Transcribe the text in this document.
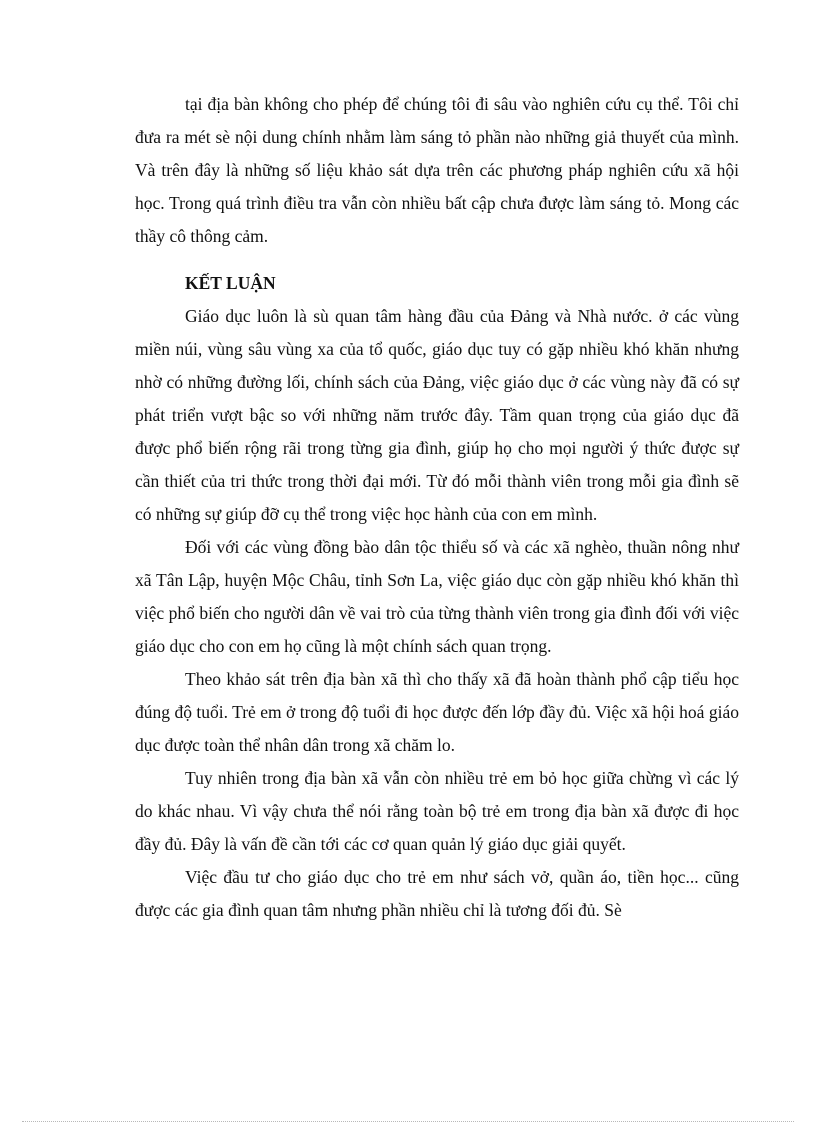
tại địa bàn không cho phép để chúng tôi đi sâu vào nghiên cứu cụ thể. Tôi chỉ đưa ra mét sè nội dung chính nhằm làm sáng tỏ phần nào những giả thuyết của mình. Và trên đây là những số liệu khảo sát dựa trên các phương pháp nghiên cứu xã hội học. Trong quá trình điều tra vẫn còn nhiều bất cập chưa được làm sáng tỏ. Mong các thầy cô thông cảm.

KẾT LUẬN

Giáo dục luôn là sù quan tâm hàng đầu của Đảng và Nhà nước. ở các vùng miền núi, vùng sâu vùng xa của tổ quốc, giáo dục tuy có gặp nhiều khó khăn nhưng nhờ có những đường lối, chính sách của Đảng, việc giáo dục ở các vùng này đã có sự phát triển vượt bậc so với những năm trước đây. Tầm quan trọng của giáo dục đã được phổ biến rộng rãi trong từng gia đình, giúp họ cho mọi người ý thức được sự cần thiết của tri thức trong thời đại mới. Từ đó mỗi thành viên trong mỗi gia đình sẽ có những sự giúp đỡ cụ thể trong việc học hành của con em mình.

Đối với các vùng đồng bào dân tộc thiểu số và các xã nghèo, thuần nông như xã Tân Lập, huyện Mộc Châu, tỉnh Sơn La, việc giáo dục còn gặp nhiều khó khăn thì việc phổ biến cho người dân về vai trò của từng thành viên trong gia đình đối với việc giáo dục cho con em họ cũng là một chính sách quan trọng.

Theo khảo sát trên địa bàn xã thì cho thấy xã đã hoàn thành phổ cập tiểu học đúng độ tuổi. Trẻ em ở trong độ tuổi đi học được đến lớp đầy đủ. Việc xã hội hoá giáo dục được toàn thể nhân dân trong xã chăm lo.

Tuy nhiên trong địa bàn xã vẫn còn nhiều trẻ em bỏ học giữa chừng vì các lý do khác nhau. Vì vậy chưa thể nói rằng toàn bộ trẻ em trong địa bàn xã được đi học đầy đủ. Đây là vấn đề cần tới các cơ quan quản lý giáo dục giải quyết.

Việc đầu tư cho giáo dục cho trẻ em như sách vở, quần áo, tiền học... cũng được các gia đình quan tâm nhưng phần nhiều chỉ là tương đối đủ. Sè
